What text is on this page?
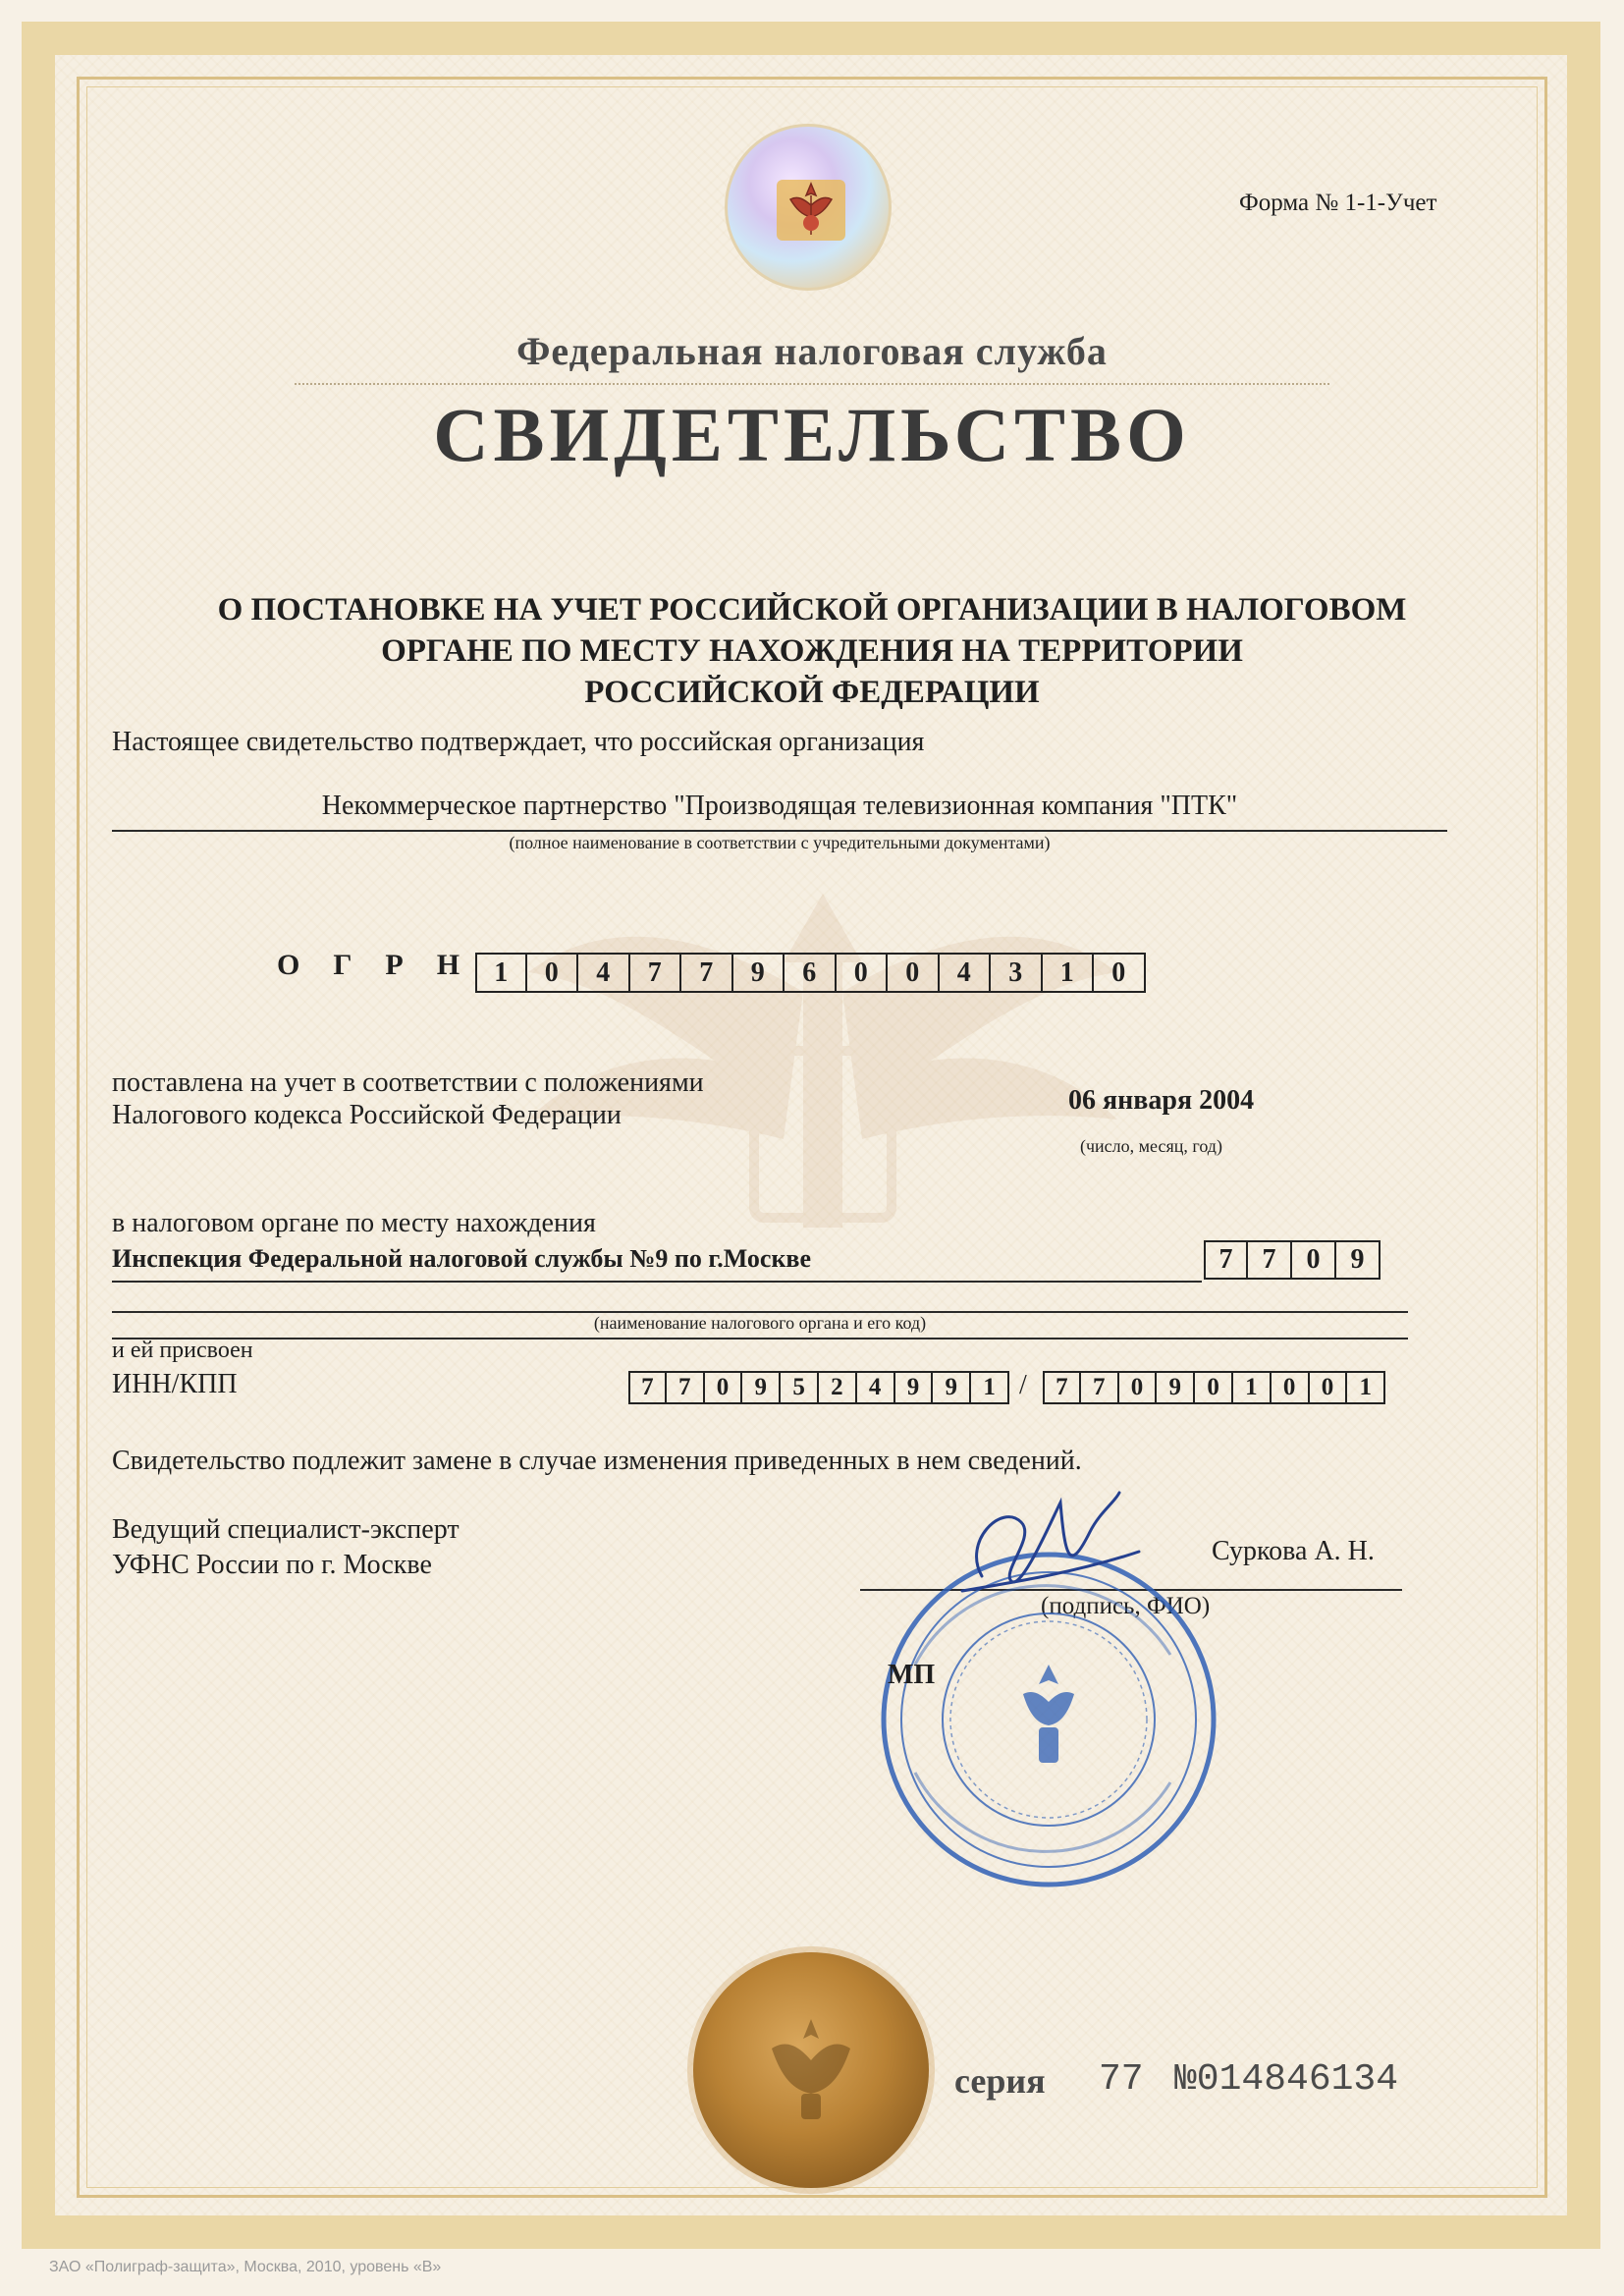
Форма № 1-1-Учет
Федеральная налоговая служба
СВИДЕТЕЛЬСТВО
О ПОСТАНОВКЕ НА УЧЕТ РОССИЙСКОЙ ОРГАНИЗАЦИИ В НАЛОГОВОМ
ОРГАНЕ ПО МЕСТУ НАХОЖДЕНИЯ НА ТЕРРИТОРИИ
РОССИЙСКОЙ ФЕДЕРАЦИИ
Настоящее свидетельство подтверждает, что российская организация
Некоммерческое партнерство "Производящая телевизионная компания "ПТК"
(полное наименование в соответствии с учредительными документами)
ОГРН 1	0	4	7	7	9	6	0	0	4	3	1	0
поставлена на учет в соответствии с положениями
Налогового кодекса Российской Федерации	06 января 2004
(число, месяц, год)
в налоговом органе по месту нахождения
Инспекция Федеральной налоговой службы №9 по г.Москве	7	7	0	9
(наименование налогового органа и его код)
и ей присвоен
ИНН/КПП	7	7	0	9	5	2	4	9	9	1 /	7	7	0	9	0	1	0	0	1
Свидетельство подлежит замене в случае изменения приведенных в нем сведений.
Ведущий специалист-эксперт
УФНС России по г. Москве	Суркова А. Н.
(подпись, ФИО)
МП
серия 77 №014846134
ЗАО «Полиграф-защита», Москва, 2010, уровень «В»
